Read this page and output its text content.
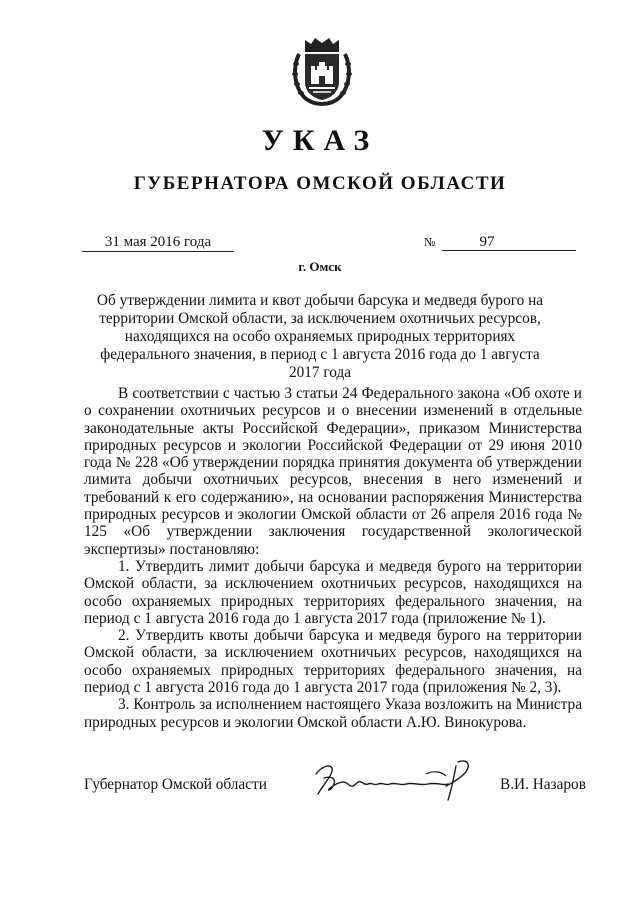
УКАЗ
ГУБЕРНАТОРА ОМСКОЙ ОБЛАСТИ
31 мая 2016 года	№	97
г. Омск
Об утверждении лимита и квот добычи барсука и медведя бурого на территории Омской области, за исключением охотничьих ресурсов, находящихся на особо охраняемых природных территориях федерального значения, в период с 1 августа 2016 года до 1 августа 2017 года

В соответствии с частью 3 статьи 24 Федерального закона «Об охоте и о сохранении охотничьих ресурсов и о внесении изменений в отдельные законодательные акты Российской Федерации», приказом Министерства природных ресурсов и экологии Российской Федерации от 29 июня 2010 года № 228 «Об утверждении порядка принятия документа об утверждении лимита добычи охотничьих ресурсов, внесения в него изменений и требований к его содержанию», на основании распоряжения Министерства природных ресурсов и экологии Омской области от 26 апреля 2016 года № 125 «Об утверждении заключения государственной экологической экспертизы» постановляю:

1. Утвердить лимит добычи барсука и медведя бурого на территории Омской области, за исключением охотничьих ресурсов, находящихся на особо охраняемых природных территориях федерального значения, на период с 1 августа 2016 года до 1 августа 2017 года (приложение № 1).

2. Утвердить квоты добычи барсука и медведя бурого на территории Омской области, за исключением охотничьих ресурсов, находящихся на особо охраняемых природных территориях федерального значения, на период с 1 августа 2016 года до 1 августа 2017 года (приложения № 2, 3).

3. Контроль за исполнением настоящего Указа возложить на Министра природных ресурсов и экологии Омской области А.Ю. Винокурова.

Губернатор Омской области	В.И. Назаров
